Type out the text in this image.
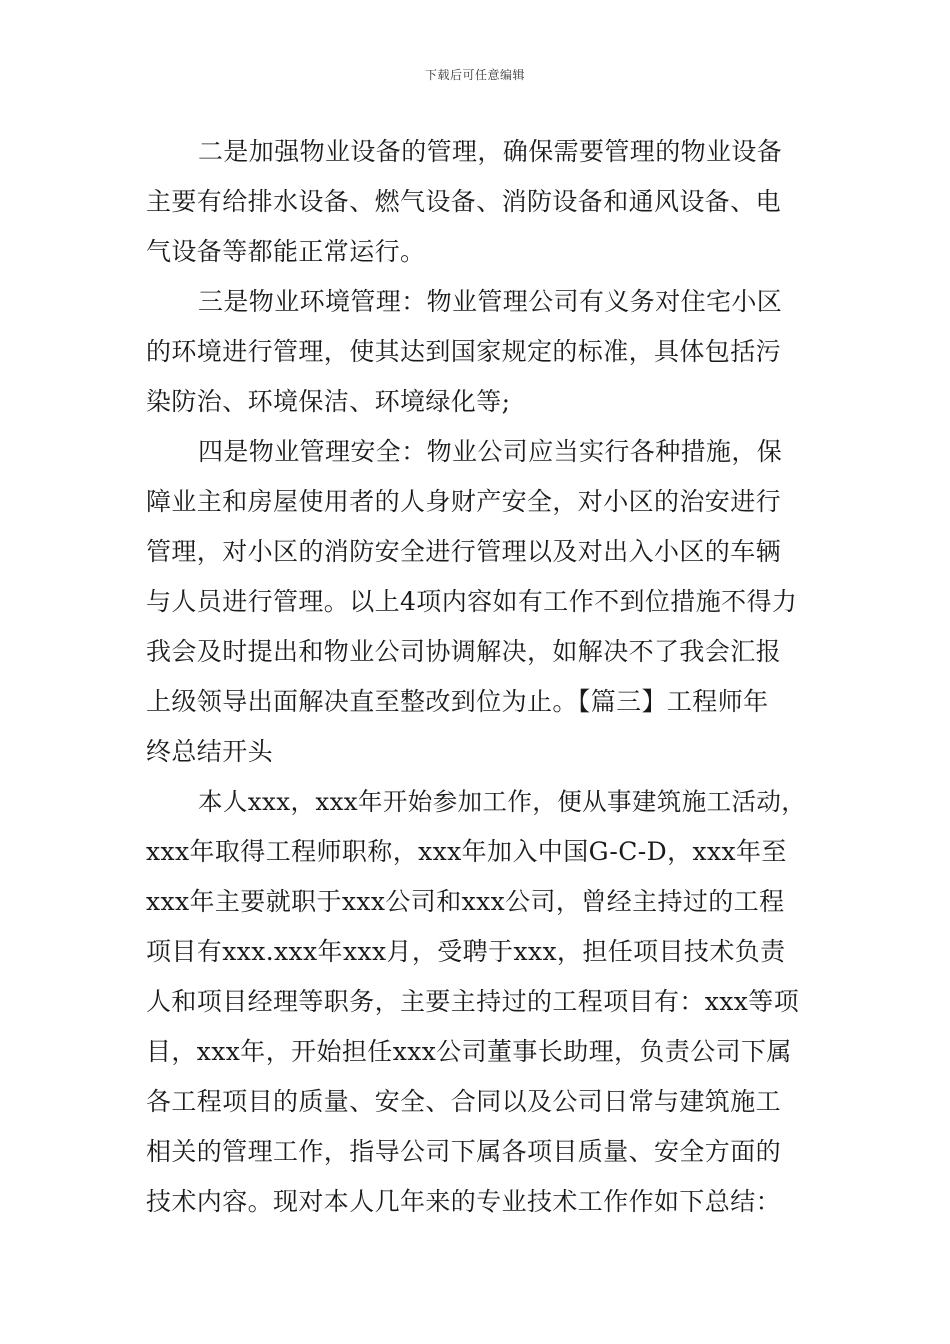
下载后可任意编辑
二是加强物业设备的管理，确保需要管理的物业设备
主要有给排水设备、燃气设备、消防设备和通风设备、电
气设备等都能正常运行。
三是物业环境管理：物业管理公司有义务对住宅小区
的环境进行管理，使其达到国家规定的标准，具体包括污
染防治、环境保洁、环境绿化等;
四是物业管理安全：物业公司应当实行各种措施，保
障业主和房屋使用者的人身财产安全，对小区的治安进行
管理，对小区的消防安全进行管理以及对出入小区的车辆
与人员进行管理。以上4项内容如有工作不到位措施不得力
我会及时提出和物业公司协调解决，如解决不了我会汇报
上级领导出面解决直至整改到位为止。【篇三】工程师年
终总结开头
本人xxx，xxx年开始参加工作，便从事建筑施工活动，
xxx年取得工程师职称，xxx年加入中国G-C-D，xxx年至
xxx年主要就职于xxx公司和xxx公司，曾经主持过的工程
项目有xxx.xxx年xxx月，受聘于xxx，担任项目技术负责
人和项目经理等职务，主要主持过的工程项目有：xxx等项
目，xxx年，开始担任xxx公司董事长助理，负责公司下属
各工程项目的质量、安全、合同以及公司日常与建筑施工
相关的管理工作，指导公司下属各项目质量、安全方面的
技术内容。现对本人几年来的专业技术工作作如下总结：
